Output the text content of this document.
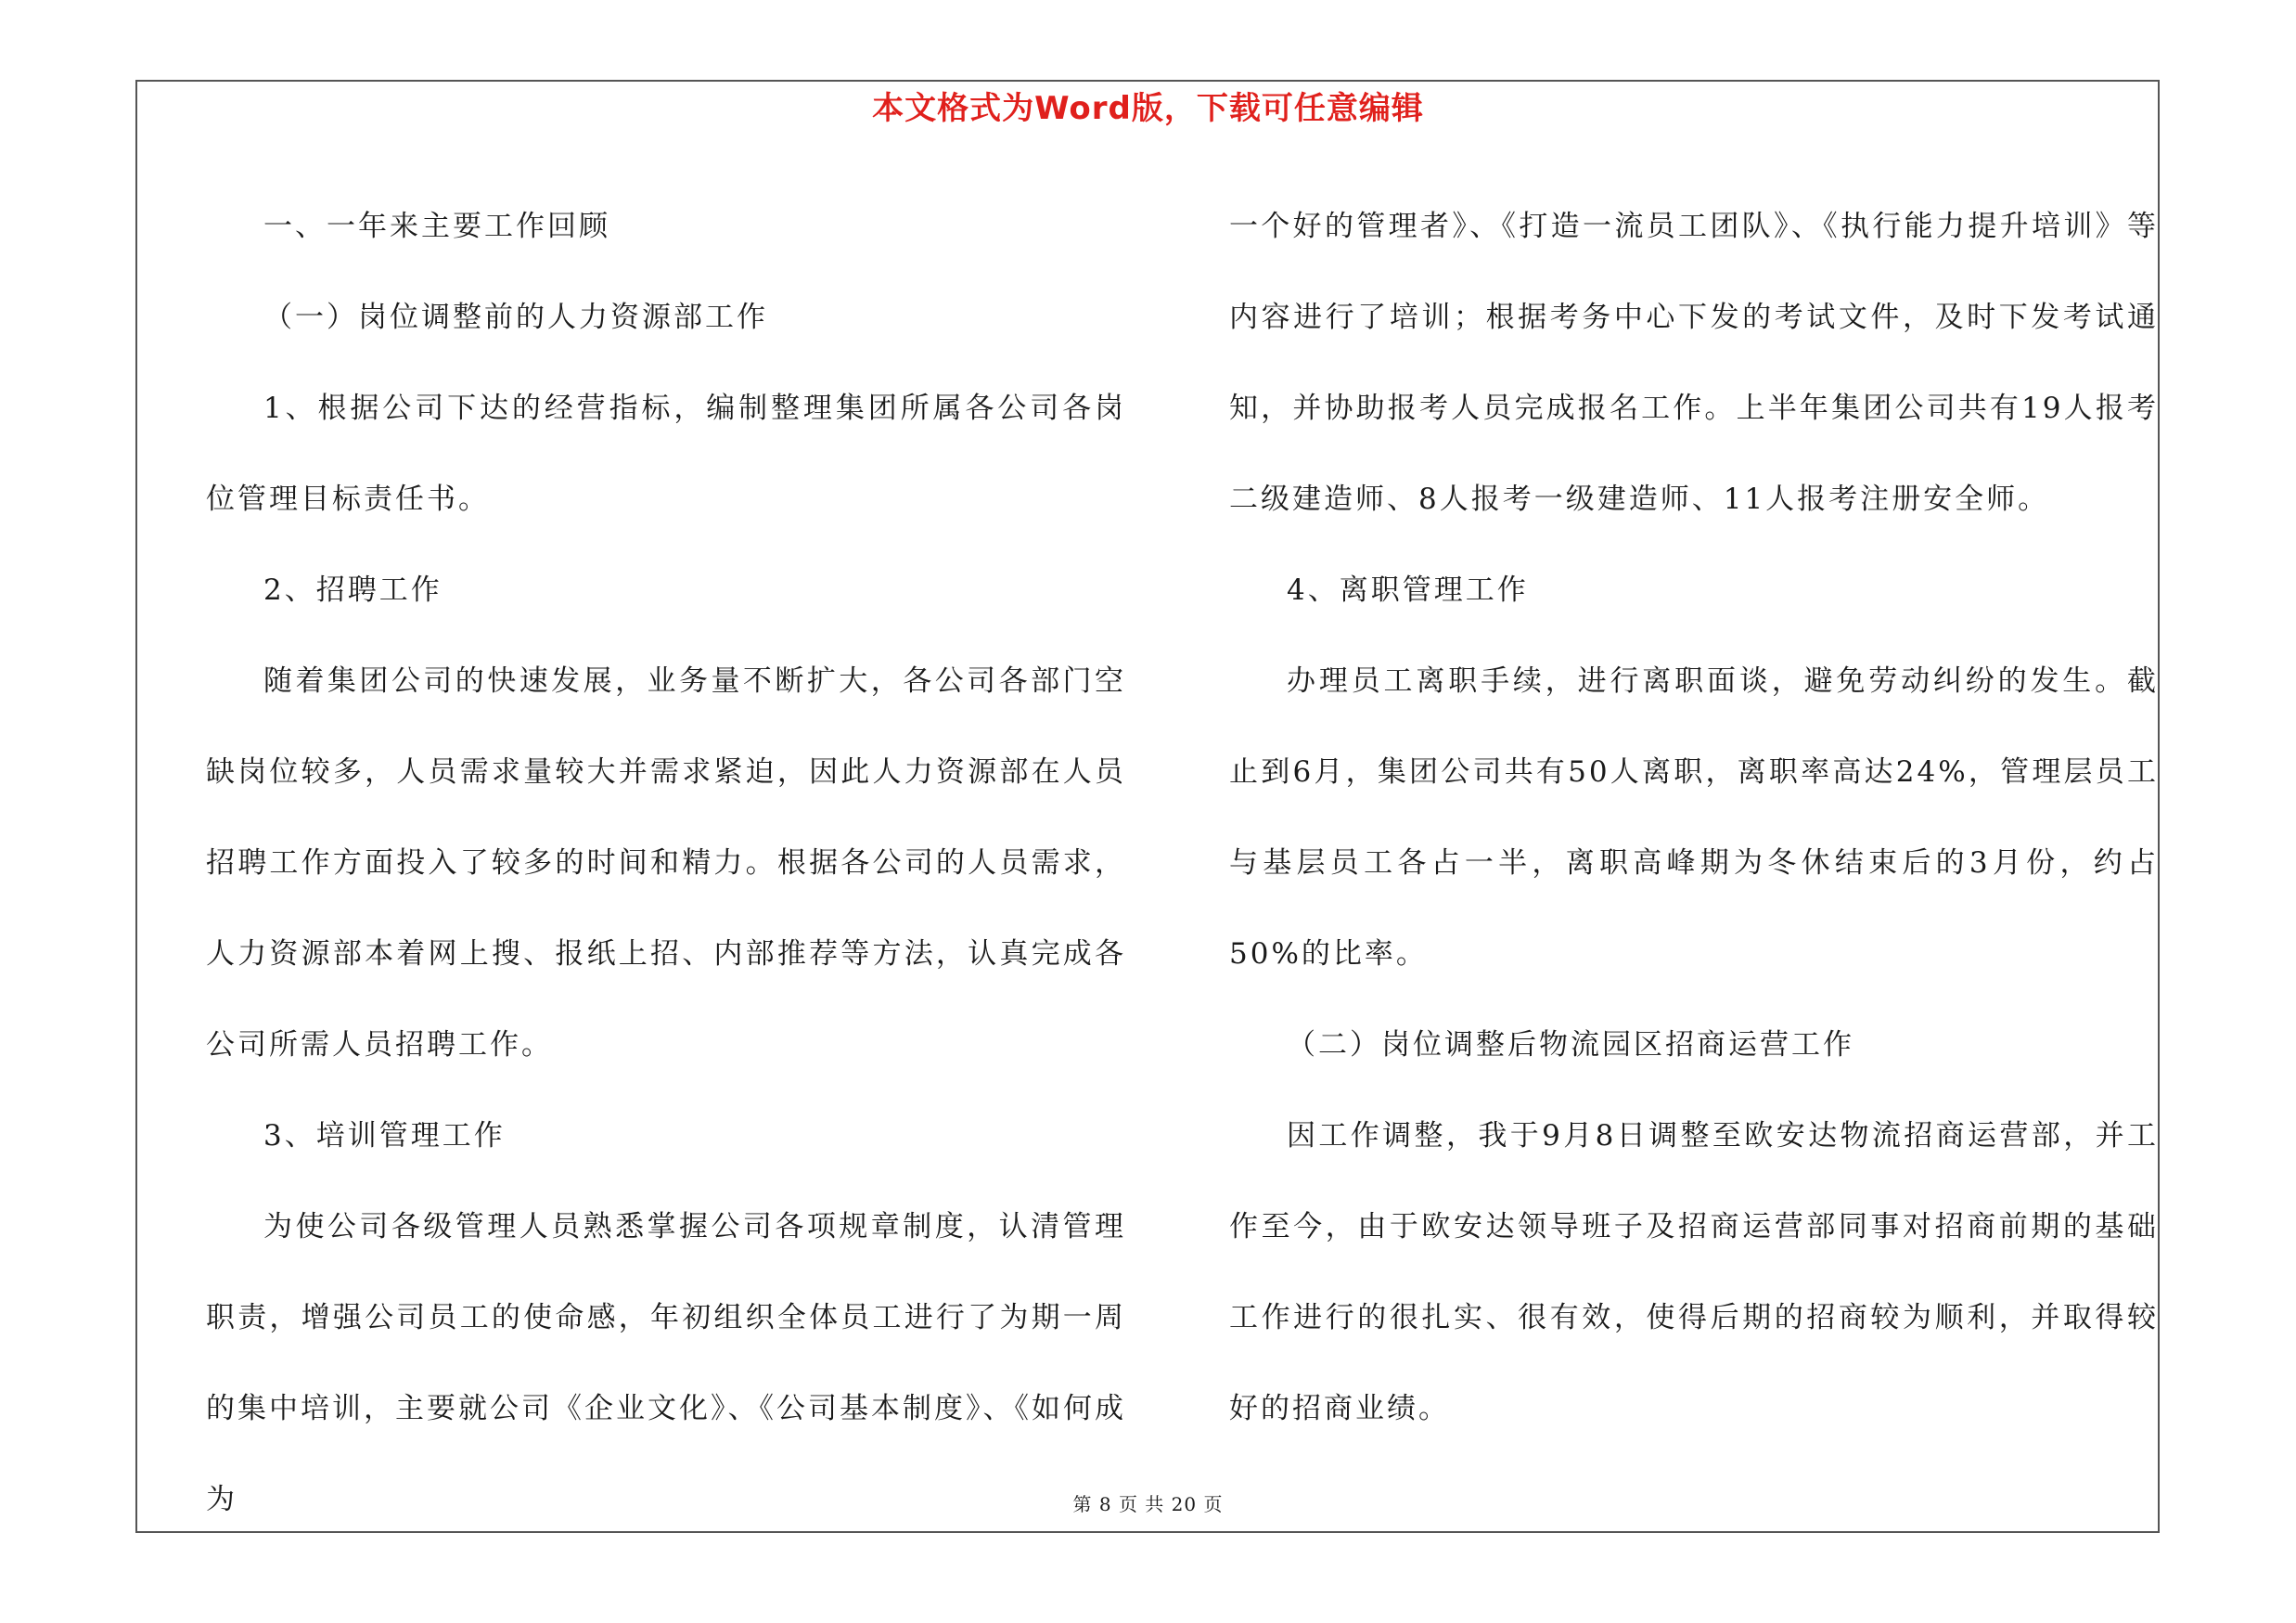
本文格式为Word版，下载可任意编辑

一、一年来主要工作回顾

（一）岗位调整前的人力资源部工作

1、根据公司下达的经营指标，编制整理集团所属各公司各岗位管理目标责任书。

2、招聘工作

随着集团公司的快速发展，业务量不断扩大，各公司各部门空缺岗位较多，人员需求量较大并需求紧迫，因此人力资源部在人员招聘工作方面投入了较多的时间和精力。根据各公司的人员需求，人力资源部本着网上搜、报纸上招、内部推荐等方法，认真完成各公司所需人员招聘工作。

3、培训管理工作

为使公司各级管理人员熟悉掌握公司各项规章制度，认清管理职责，增强公司员工的使命感，年初组织全体员工进行了为期一周的集中培训，主要就公司《企业文化》、《公司基本制度》、《如何成为

一个好的管理者》、《打造一流员工团队》、《执行能力提升培训》等内容进行了培训；根据考务中心下发的考试文件，及时下发考试通知，并协助报考人员完成报名工作。上半年集团公司共有19人报考二级建造师、8人报考一级建造师、11人报考注册安全师。

4、离职管理工作

办理员工离职手续，进行离职面谈，避免劳动纠纷的发生。截止到6月，集团公司共有50人离职，离职率高达24%，管理层员工与基层员工各占一半，离职高峰期为冬休结束后的3月份，约占50%的比率。

（二）岗位调整后物流园区招商运营工作

因工作调整，我于9月8日调整至欧安达物流招商运营部，并工作至今，由于欧安达领导班子及招商运营部同事对招商前期的基础工作进行的很扎实、很有效，使得后期的招商较为顺利，并取得较好的招商业绩。

第 8 页 共 20 页
